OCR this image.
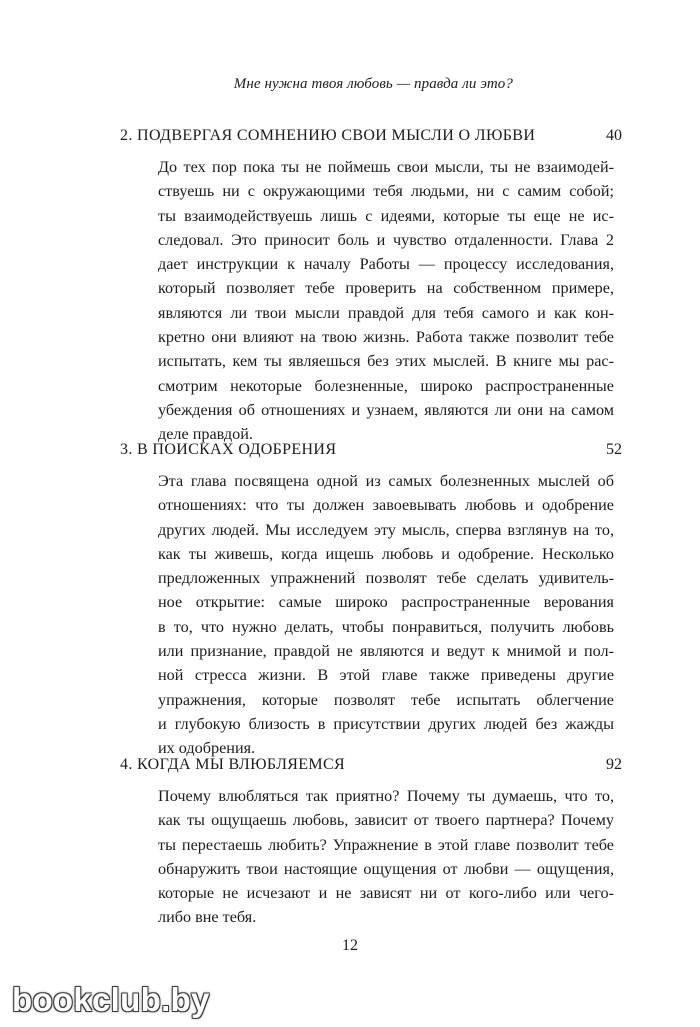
Мне нужна твоя любовь — правда ли это?
2. ПОДВЕРГАЯ СОМНЕНИЮ СВОИ МЫСЛИ О ЛЮБВИ	40
До тех пор пока ты не поймешь свои мысли, ты не взаимодей-
ствуешь ни с окружающими тебя людьми, ни с самим собой;
ты взаимодействуешь лишь с идеями, которые ты еще не ис-
следовал. Это приносит боль и чувство отдаленности. Глава 2
дает инструкции к началу Работы — процессу исследования,
который позволяет тебе проверить на собственном примере,
являются ли твои мысли правдой для тебя самого и как кон-
кретно они влияют на твою жизнь. Работа также позволит тебе
испытать, кем ты являешься без этих мыслей. В книге мы рас-
смотрим некоторые болезненные, широко распространенные
убеждения об отношениях и узнаем, являются ли они на самом
деле правдой.
3. В ПОИСКАХ ОДОБРЕНИЯ	52
Эта глава посвящена одной из самых болезненных мыслей об
отношениях: что ты должен завоевывать любовь и одобрение
других людей. Мы исследуем эту мысль, сперва взглянув на то,
как ты живешь, когда ищешь любовь и одобрение. Несколько
предложенных упражнений позволят тебе сделать удивитель-
ное открытие: самые широко распространенные верования
в то, что нужно делать, чтобы понравиться, получить любовь
или признание, правдой не являются и ведут к мнимой и пол-
ной стресса жизни. В этой главе также приведены другие
упражнения, которые позволят тебе испытать облегчение
и глубокую близость в присутствии других людей без жажды
их одобрения.
4. КОГДА МЫ ВЛЮБЛЯЕМСЯ	92
Почему влюбляться так приятно? Почему ты думаешь, что то,
как ты ощущаешь любовь, зависит от твоего партнера? Почему
ты перестаешь любить? Упражнение в этой главе позволит тебе
обнаружить твои настоящие ощущения от любви — ощущения,
которые не исчезают и не зависят ни от кого-либо или чего-
либо вне тебя.
12
bookclub.by
